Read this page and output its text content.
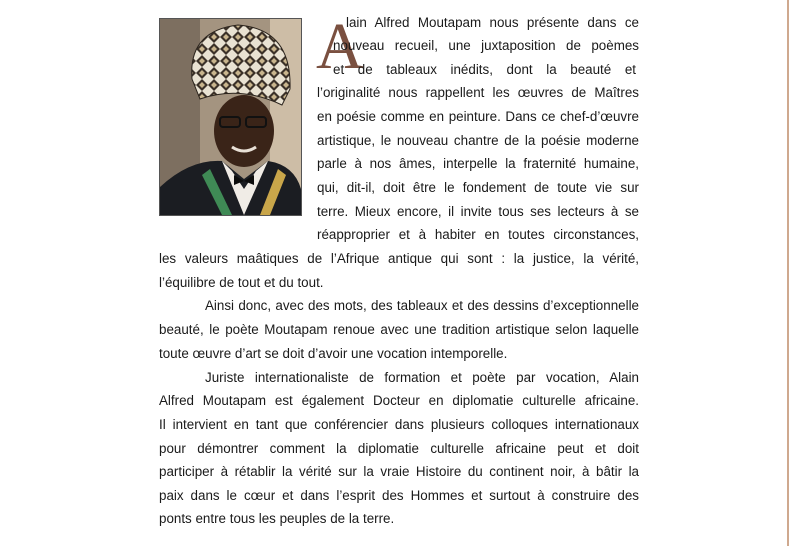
A
lain Alfred Moutapam nous présente dans ce
nouveau recueil, une juxtaposition de poèmes
et de tableaux inédits, dont la beauté et
l’originalité nous rappellent les œuvres de Maîtres
en poésie comme en peinture. Dans ce chef-d’œuvre
artistique, le nouveau chantre de la poésie moderne
parle à nos âmes, interpelle la fraternité humaine,
qui, dit-il, doit être le fondement de toute vie sur
terre. Mieux encore, il invite tous ses lecteurs à se
réapproprier et à habiter en toutes circonstances,
les valeurs maâtiques de l’Afrique antique qui sont : la justice, la vérité,
l’équilibre de tout et du tout.
Ainsi donc, avec des mots, des tableaux et des dessins d’exceptionnelle
beauté, le poète Moutapam renoue avec une tradition artistique selon laquelle
toute œuvre d’art se doit d’avoir une vocation intemporelle.
Juriste internationaliste de formation et poète par vocation, Alain
Alfred Moutapam est également Docteur en diplomatie culturelle africaine.
Il intervient en tant que conférencier dans plusieurs colloques internationaux
pour démontrer comment la diplomatie culturelle africaine peut et doit
participer à rétablir la vérité sur la vraie Histoire du continent noir, à bâtir la
paix dans le cœur et dans l’esprit des Hommes et surtout à construire des
ponts entre tous les peuples de la terre.
